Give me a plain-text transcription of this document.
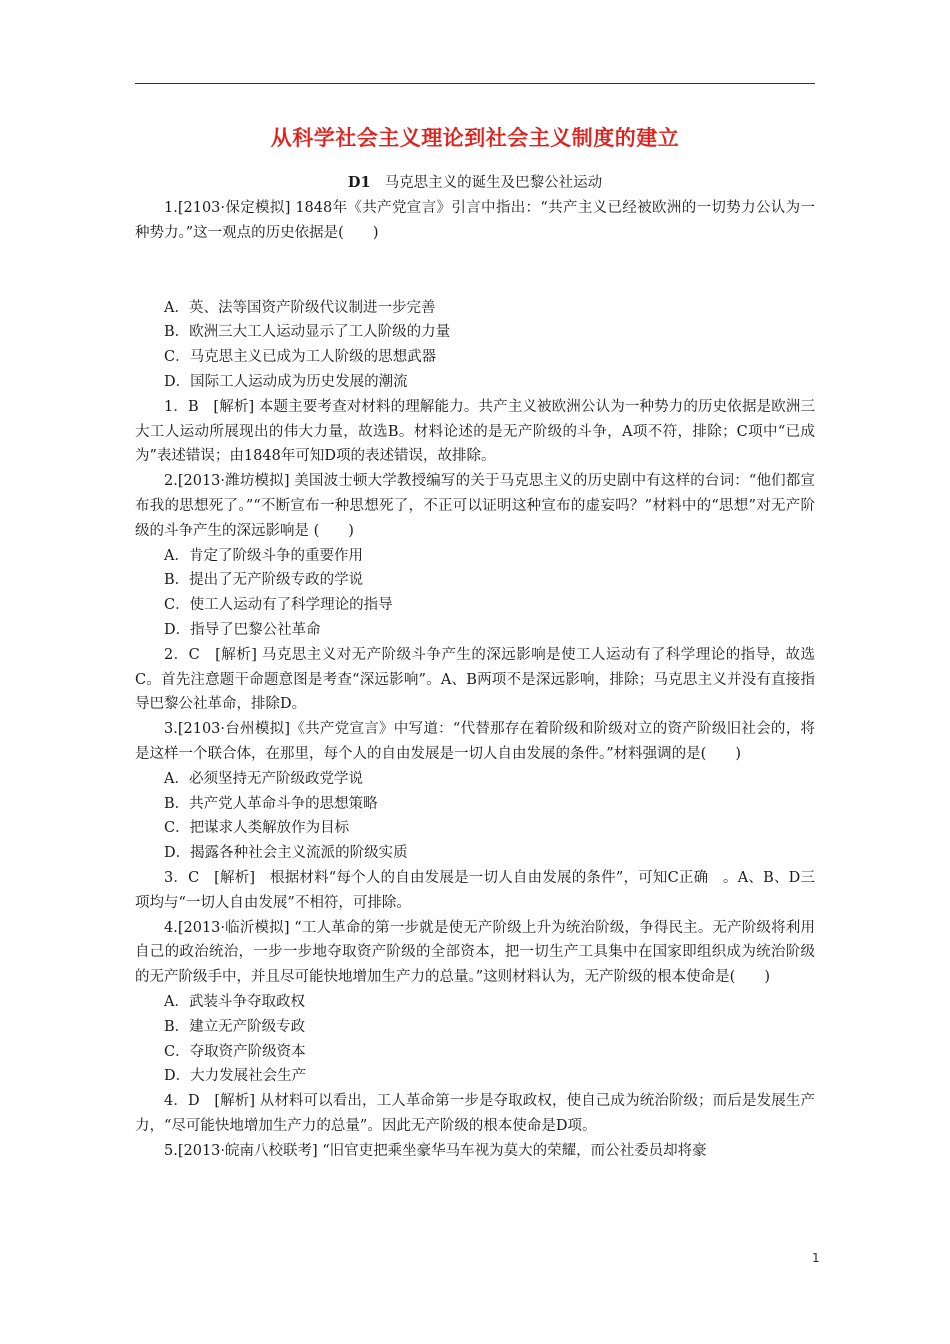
从科学社会主义理论到社会主义制度的建立
D1 马克思主义的诞生及巴黎公社运动

1.[2103·保定模拟] 1848年《共产党宣言》引言中指出：“共产主义已经被欧洲的一切势力公认为一种势力。”这一观点的历史依据是(　　)

A．英、法等国资产阶级代议制进一步完善

B．欧洲三大工人运动显示了工人阶级的力量

C．马克思主义已成为工人阶级的思想武器

D．国际工人运动成为历史发展的潮流

1．B　[解析] 本题主要考查对材料的理解能力。共产主义被欧洲公认为一种势力的历史依据是欧洲三大工人运动所展现出的伟大力量，故选B。材料论述的是无产阶级的斗争，A项不符，排除；C项中“已成为”表述错误；由1848年可知D项的表述错误，故排除。

2.[2013·潍坊模拟] 美国波士顿大学教授编写的关于马克思主义的历史剧中有这样的台词：“他们都宣布我的思想死了。”“不断宣布一种思想死了，不正可以证明这种宣布的虚妄吗？”材料中的“思想”对无产阶级的斗争产生的深远影响是 (　　)

A．肯定了阶级斗争的重要作用

B．提出了无产阶级专政的学说

C．使工人运动有了科学理论的指导

D．指导了巴黎公社革命

2．C　[解析] 马克思主义对无产阶级斗争产生的深远影响是使工人运动有了科学理论的指导，故选C。首先注意题干命题意图是考查“深远影响”。A、B两项不是深远影响，排除；马克思主义并没有直接指导巴黎公社革命，排除D。

3.[2103·台州模拟]《共产党宣言》中写道：“代替那存在着阶级和阶级对立的资产阶级旧社会的，将是这样一个联合体，在那里，每个人的自由发展是一切人自由发展的条件。”材料强调的是(　　)

A．必须坚持无产阶级政党学说

B．共产党人革命斗争的思想策略

C．把谋求人类解放作为目标

D．揭露各种社会主义流派的阶级实质

3．C　[解析]　根据材料“每个人的自由发展是一切人自由发展的条件”，可知C正确　。A、B、D三项均与“一切人自由发展”不相符，可排除。

4.[2013·临沂模拟] “工人革命的第一步就是使无产阶级上升为统治阶级，争得民主。无产阶级将利用自己的政治统治，一步一步地夺取资产阶级的全部资本，把一切生产工具集中在国家即组织成为统治阶级的无产阶级手中，并且尽可能快地增加生产力的总量。”这则材料认为，无产阶级的根本使命是(　　)

A．武装斗争夺取政权

B．建立无产阶级专政

C．夺取资产阶级资本

D．大力发展社会生产

4．D　[解析] 从材料可以看出，工人革命第一步是夺取政权，使自己成为统治阶级；而后是发展生产力，“尽可能快地增加生产力的总量”。因此无产阶级的根本使命是D项。

5.[2013·皖南八校联考] “旧官吏把乘坐豪华马车视为莫大的荣耀，而公社委员却将豪

1
